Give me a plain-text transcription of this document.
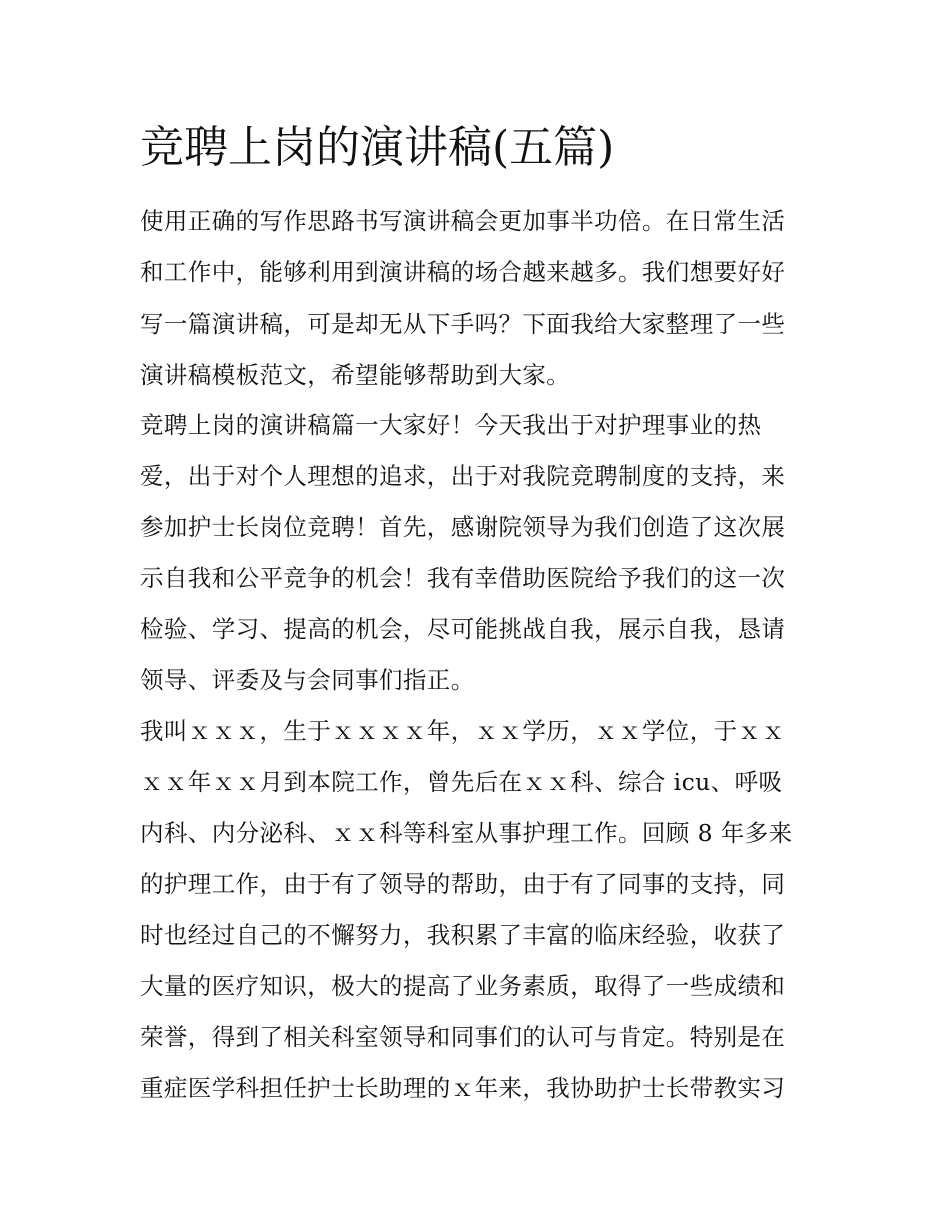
竞聘上岗的演讲稿(五篇)

使用正确的写作思路书写演讲稿会更加事半功倍。在日常生活

和工作中，能够利用到演讲稿的场合越来越多。我们想要好好

写一篇演讲稿，可是却无从下手吗？下面我给大家整理了一些

演讲稿模板范文，希望能够帮助到大家。

竞聘上岗的演讲稿篇一大家好！今天我出于对护理事业的热

爱，出于对个人理想的追求，出于对我院竞聘制度的支持，来

参加护士长岗位竞聘！首先，感谢院领导为我们创造了这次展

示自我和公平竞争的机会！我有幸借助医院给予我们的这一次

检验、学习、提高的机会，尽可能挑战自我，展示自我，恳请

领导、评委及与会同事们指正。

我叫ｘｘｘ，生于ｘｘｘｘ年，ｘｘ学历，ｘｘ学位，于ｘｘ

ｘｘ年ｘｘ月到本院工作，曾先后在ｘｘ科、综合 icu、呼吸

内科、内分泌科、ｘｘ科等科室从事护理工作。回顾 8 年多来

的护理工作，由于有了领导的帮助，由于有了同事的支持，同

时也经过自己的不懈努力，我积累了丰富的临床经验，收获了

大量的医疗知识，极大的提高了业务素质，取得了一些成绩和

荣誉，得到了相关科室领导和同事们的认可与肯定。特别是在

重症医学科担任护士长助理的ｘ年来，我协助护士长带教实习
